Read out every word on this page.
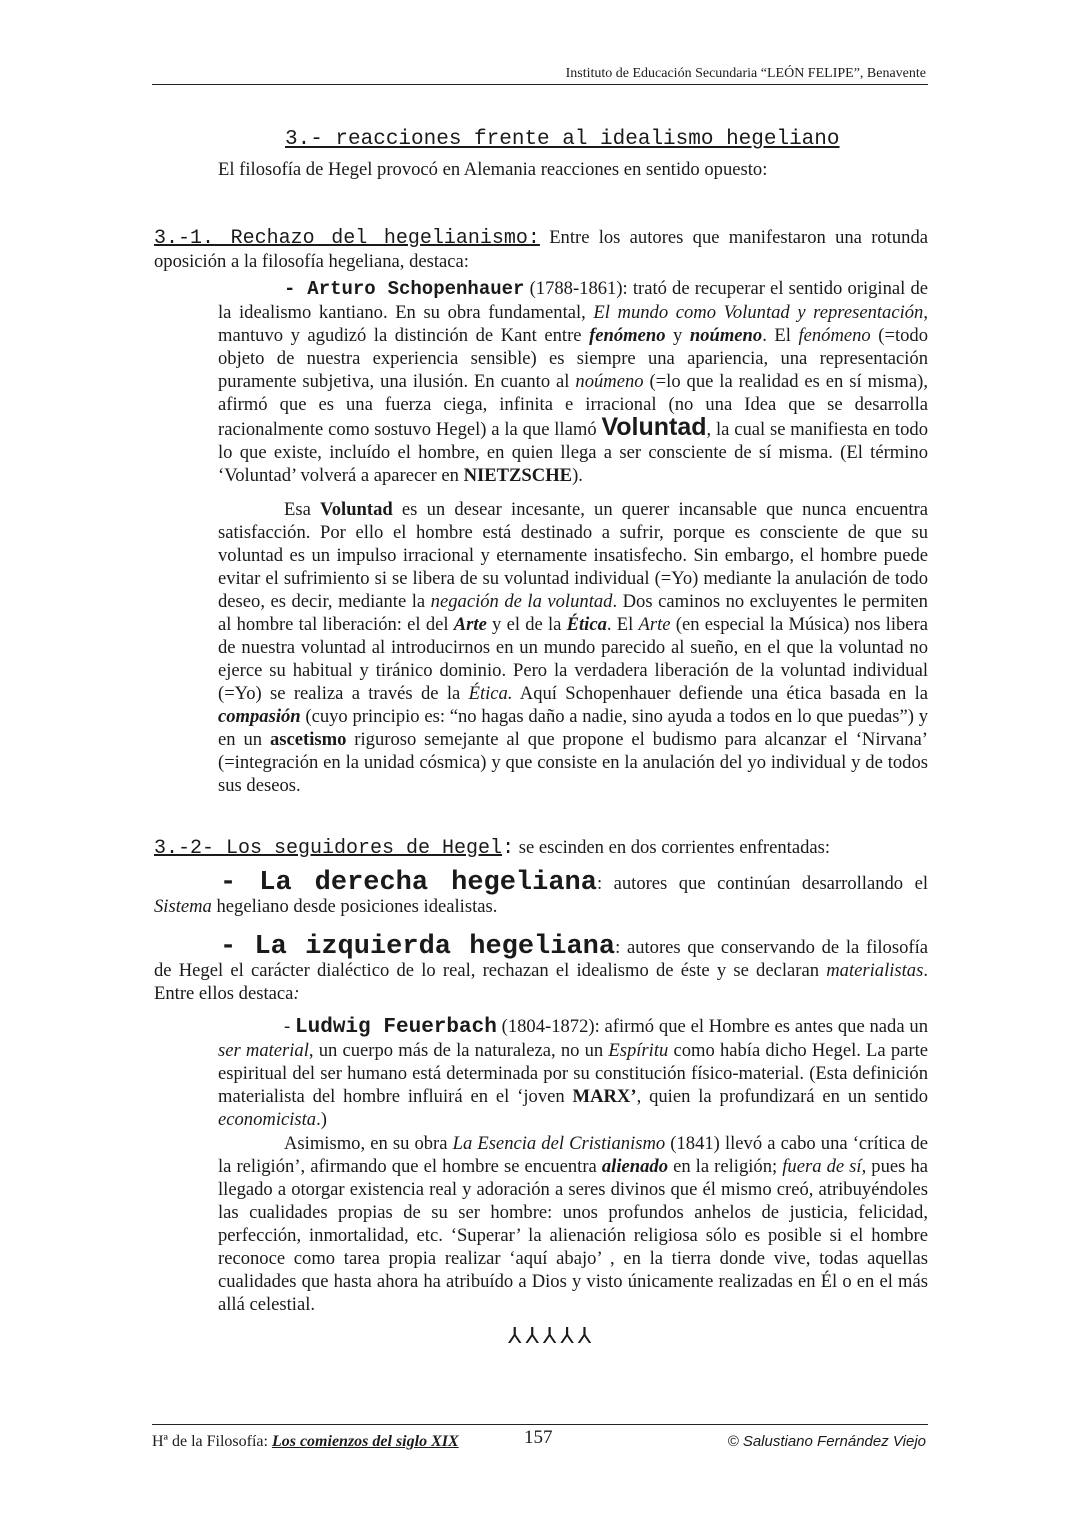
Instituto de Educación Secundaria “LEÓN FELIPE”, Benavente
3.- reacciones frente al idealismo hegeliano
El filosofía de Hegel provocó en Alemania reacciones en sentido opuesto:
3.-1. Rechazo del hegelianismo: Entre los autores que manifestaron una rotunda oposición a la filosofía hegeliana, destaca:
- Arturo Schopenhauer (1788-1861): trató de recuperar el sentido original de la idealismo kantiano. En su obra fundamental, El mundo como Voluntad y representación, mantuvo y agudizó la distinción de Kant entre fenómeno y noúmeno. El fenómeno (=todo objeto de nuestra experiencia sensible) es siempre una apariencia, una representación puramente subjetiva, una ilusión. En cuanto al noúmeno (=lo que la realidad es en sí misma), afirmó que es una fuerza ciega, infinita e irracional (no una Idea que se desarrolla racionalmente como sostuvo Hegel) a la que llamó Voluntad, la cual se manifiesta en todo lo que existe, incluído el hombre, en quien llega a ser consciente de sí misma. (El término ‘Voluntad’ volverá a aparecer en NIETZSCHE).
Esa Voluntad es un desear incesante, un querer incansable que nunca encuentra satisfacción. Por ello el hombre está destinado a sufrir, porque es consciente de que su voluntad es un impulso irracional y eternamente insatisfecho. Sin embargo, el hombre puede evitar el sufrimiento si se libera de su voluntad individual (=Yo) mediante la anulación de todo deseo, es decir, mediante la negación de la voluntad. Dos caminos no excluyentes le permiten al hombre tal liberación: el del Arte y el de la Ética. El Arte (en especial la Música) nos libera de nuestra voluntad al introducirnos en un mundo parecido al sueño, en el que la voluntad no ejerce su habitual y tiránico dominio. Pero la verdadera liberación de la voluntad individual (=Yo) se realiza a través de la Ética. Aquí Schopenhauer defiende una ética basada en la compasión (cuyo principio es: “no hagas daño a nadie, sino ayuda a todos en lo que puedas”) y en un ascetismo riguroso semejante al que propone el budismo para alcanzar el ‘Nirvana’ (=integración en la unidad cósmica) y que consiste en la anulación del yo individual y de todos sus deseos.
3.-2- Los seguidores de Hegel: se escinden en dos corrientes enfrentadas:
- La derecha hegeliana: autores que continúan desarrollando el Sistema hegeliano desde posiciones idealistas.
- La izquierda hegeliana: autores que conservando de la filosofía de Hegel el carácter dialéctico de lo real, rechazan el idealismo de éste y se declaran materialistas. Entre ellos destaca:
- Ludwig Feuerbach (1804-1872): afirmó que el Hombre es antes que nada un ser material, un cuerpo más de la naturaleza, no un Espíritu como había dicho Hegel. La parte espiritual del ser humano está determinada por su constitución físico-material. (Esta definición materialista del hombre influirá en el ‘joven MARX’, quien la profundizará en un sentido economicista.)
Asimismo, en su obra La Esencia del Cristianismo (1841) llevó a cabo una ‘crítica de la religión’, afirmando que el hombre se encuentra alienado en la religión; fuera de sí, pues ha llegado a otorgar existencia real y adoración a seres divinos que él mismo creó, atribuyéndoles las cualidades propias de su ser hombre: unos profundos anhelos de justicia, felicidad, perfección, inmortalidad, etc. ‘Superar’ la alienación religiosa sólo es posible si el hombre reconoce como tarea propia realizar ‘aquí abajo’ , en la tierra donde vive, todas aquellas cualidades que hasta ahora ha atribuído a Dios y visto únicamente realizadas en Él o en el más allá celestial.
⅄⅄⅄⅄⅄
Hª de la Filosofía: Los comienzos del siglo XIX	157	© Salustiano Fernández Viejo
